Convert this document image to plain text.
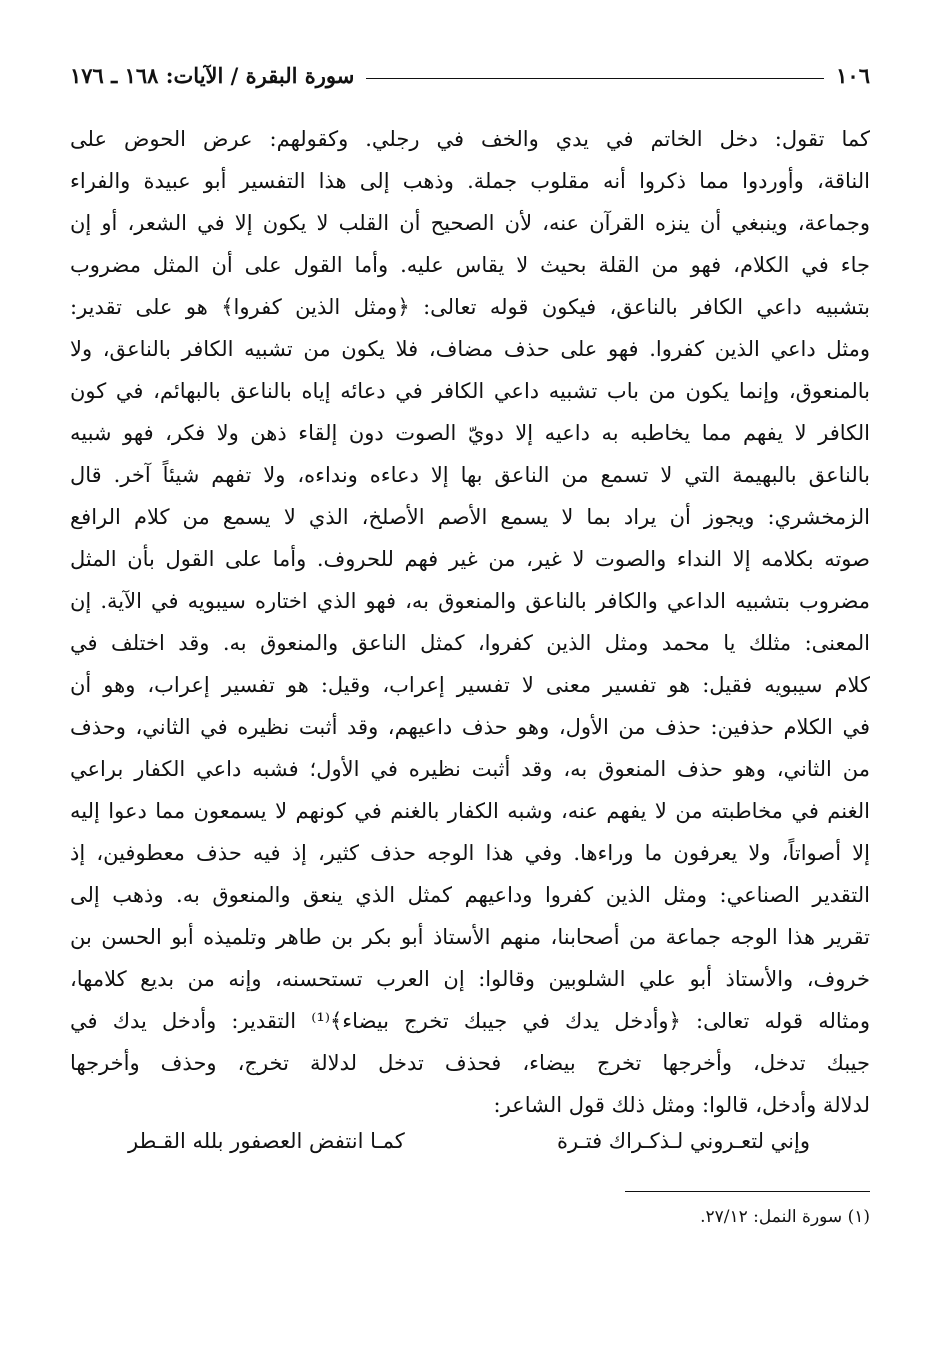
١٠٦
سورة البقرة / الآيات: ١٦٨ ـ ١٧٦
كما تقول: دخل الخاتم في يدي والخف في رجلي. وكقولهم: عرض الحوض على
الناقة، وأوردوا مما ذكروا أنه مقلوب جملة. وذهب إلى هذا التفسير أبو عبيدة والفراء
وجماعة، وينبغي أن ينزه القرآن عنه، لأن الصحيح أن القلب لا يكون إلا في الشعر، أو إن
جاء في الكلام، فهو من القلة بحيث لا يقاس عليه. وأما القول على أن المثل مضروب
بتشبيه داعي الكافر بالناعق، فيكون قوله تعالى: ﴿ومثل الذين كفروا﴾ هو على تقدير:
ومثل داعي الذين كفروا. فهو على حذف مضاف، فلا يكون من تشبيه الكافر بالناعق، ولا
بالمنعوق، وإنما يكون من باب تشبيه داعي الكافر في دعائه إياه بالناعق بالبهائم، في كون
الكافر لا يفهم مما يخاطبه به داعيه إلا دويّ الصوت دون إلقاء ذهن ولا فكر، فهو شبيه
بالناعق بالبهيمة التي لا تسمع من الناعق بها إلا دعاءه ونداءه، ولا تفهم شيئاً آخر. قال
الزمخشري: ويجوز أن يراد بما لا يسمع الأصم الأصلخ، الذي لا يسمع من كلام الرافع
صوته بكلامه إلا النداء والصوت لا غير، من غير فهم للحروف. وأما على القول بأن المثل
مضروب بتشبيه الداعي والكافر بالناعق والمنعوق به، فهو الذي اختاره سيبويه في الآية. إن
المعنى: مثلك يا محمد ومثل الذين كفروا، كمثل الناعق والمنعوق به. وقد اختلف في
كلام سيبويه فقيل: هو تفسير معنى لا تفسير إعراب، وقيل: هو تفسير إعراب، وهو أن
في الكلام حذفين: حذف من الأول، وهو حذف داعيهم، وقد أثبت نظيره في الثاني، وحذف
من الثاني، وهو حذف المنعوق به، وقد أثبت نظيره في الأول؛ فشبه داعي الكفار براعي
الغنم في مخاطبته من لا يفهم عنه، وشبه الكفار بالغنم في كونهم لا يسمعون مما دعوا إليه
إلا أصواتاً، ولا يعرفون ما وراءها. وفي هذا الوجه حذف كثير، إذ فيه حذف معطوفين، إذ
التقدير الصناعي: ومثل الذين كفروا وداعيهم كمثل الذي ينعق والمنعوق به. وذهب إلى
تقرير هذا الوجه جماعة من أصحابنا، منهم الأستاذ أبو بكر بن طاهر وتلميذه أبو الحسن بن
خروف، والأستاذ أبو علي الشلوبين وقالوا: إن العرب تستحسنه، وإنه من بديع كلامها،
ومثاله قوله تعالى: ﴿وأدخل يدك في جيبك تخرج بيضاء﴾⁽¹⁾ التقدير: وأدخل يدك في
جيبك تدخل، وأخرجها تخرج بيضاء، فحذف تدخل لدلالة تخرج، وحذف وأخرجها
لدلالة وأدخل، قالوا: ومثل ذلك قول الشاعر:
وإني لتعـروني لـذكـراك فتـرة
كمـا انتفض العصفور بلله القـطر
(١) سورة النمل: ٢٧/١٢.
